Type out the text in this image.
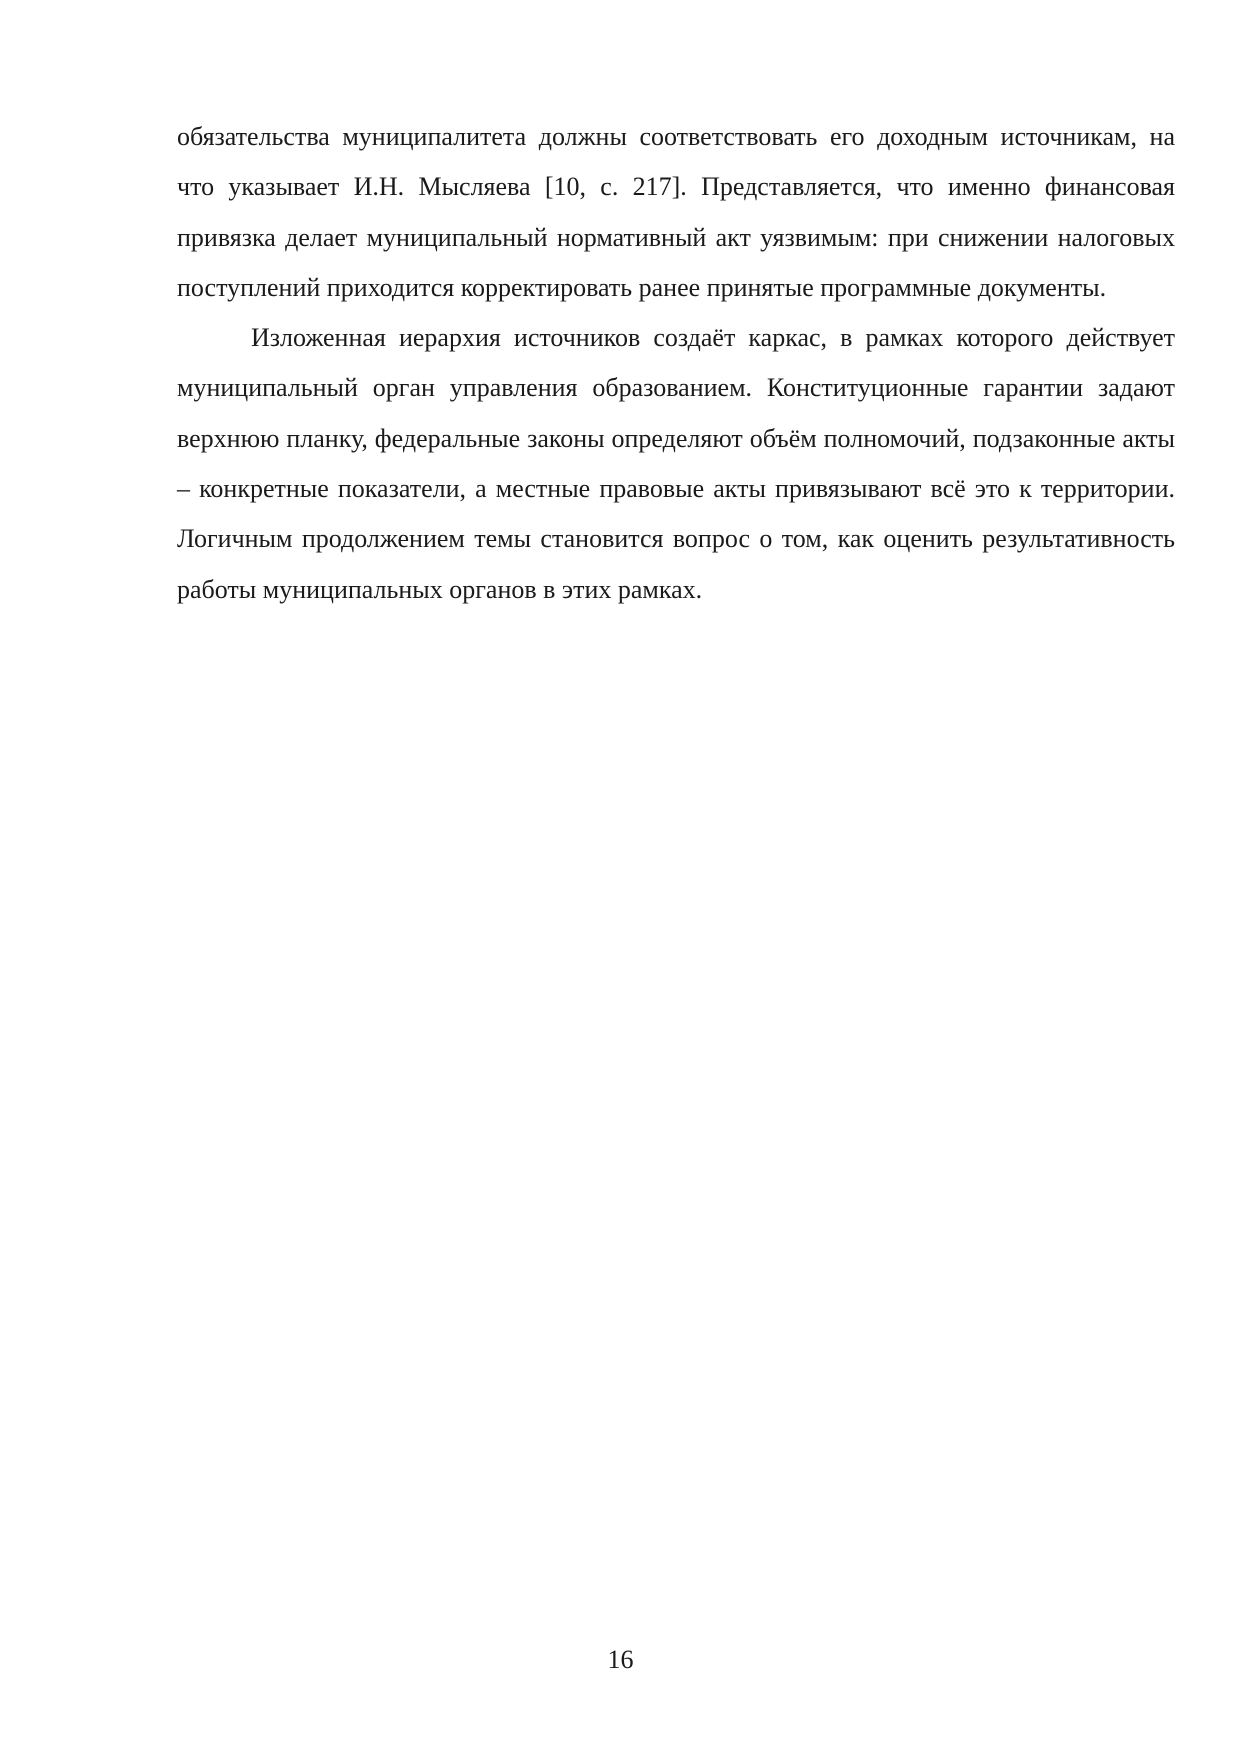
обязательства муниципалитета должны соответствовать его доходным источникам, на что указывает И.Н. Мысляева [10, с. 217]. Представляется, что именно финансовая привязка делает муниципальный нормативный акт уязвимым: при снижении налоговых поступлений приходится корректировать ранее принятые программные документы.

Изложенная иерархия источников создаёт каркас, в рамках которого действует муниципальный орган управления образованием. Конституционные гарантии задают верхнюю планку, федеральные законы определяют объём полномочий, подзаконные акты – конкретные показатели, а местные правовые акты привязывают всё это к территории. Логичным продолжением темы становится вопрос о том, как оценить результативность работы муниципальных органов в этих рамках.

16
